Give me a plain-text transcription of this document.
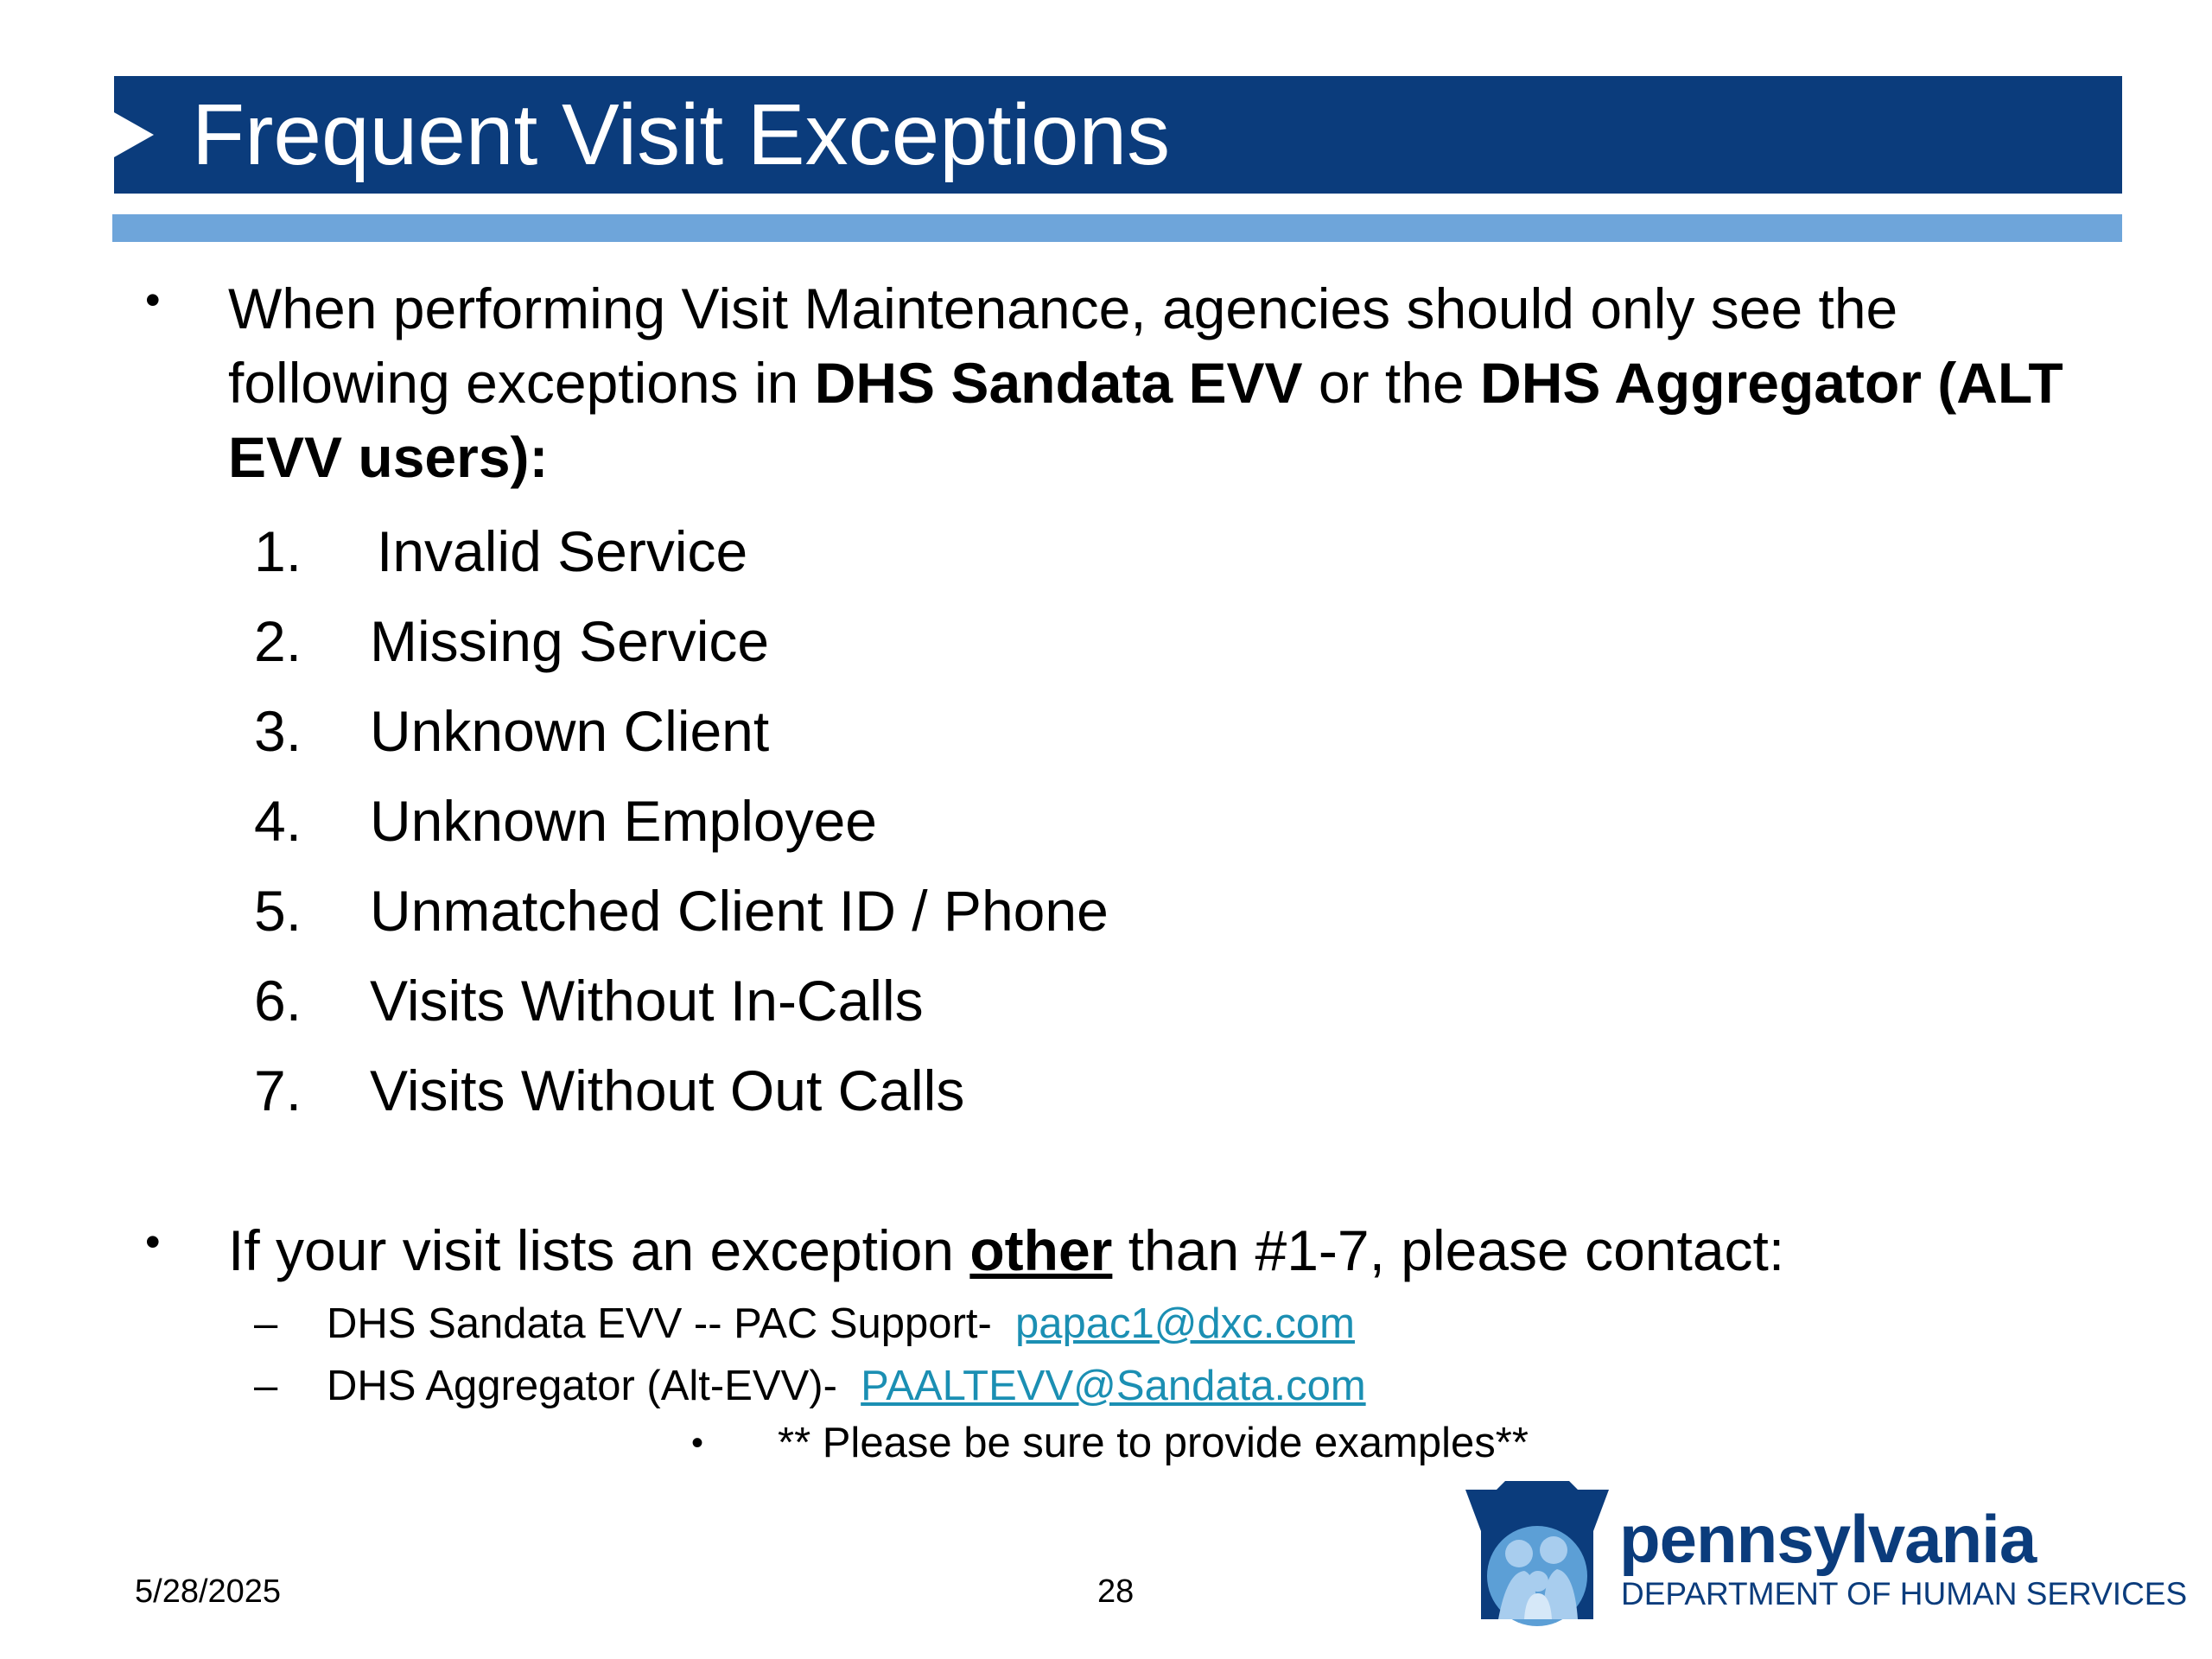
Frequent Visit Exceptions
• When performing Visit Maintenance, agencies should only see the following exceptions in DHS Sandata EVV or the DHS Aggregator (ALT EVV users):
1. Invalid Service
2. Missing Service
3. Unknown Client
4. Unknown Employee
5. Unmatched Client ID / Phone
6. Visits Without In-Calls
7. Visits Without Out Calls
• If your visit lists an exception other than #1-7, please contact:
– DHS Sandata EVV -- PAC Support-  papac1@dxc.com
– DHS Aggregator (Alt-EVV)-  PAALTEVV@Sandata.com
• ** Please be sure to provide examples**
5/28/2025	28
pennsylvania
DEPARTMENT OF HUMAN SERVICES
